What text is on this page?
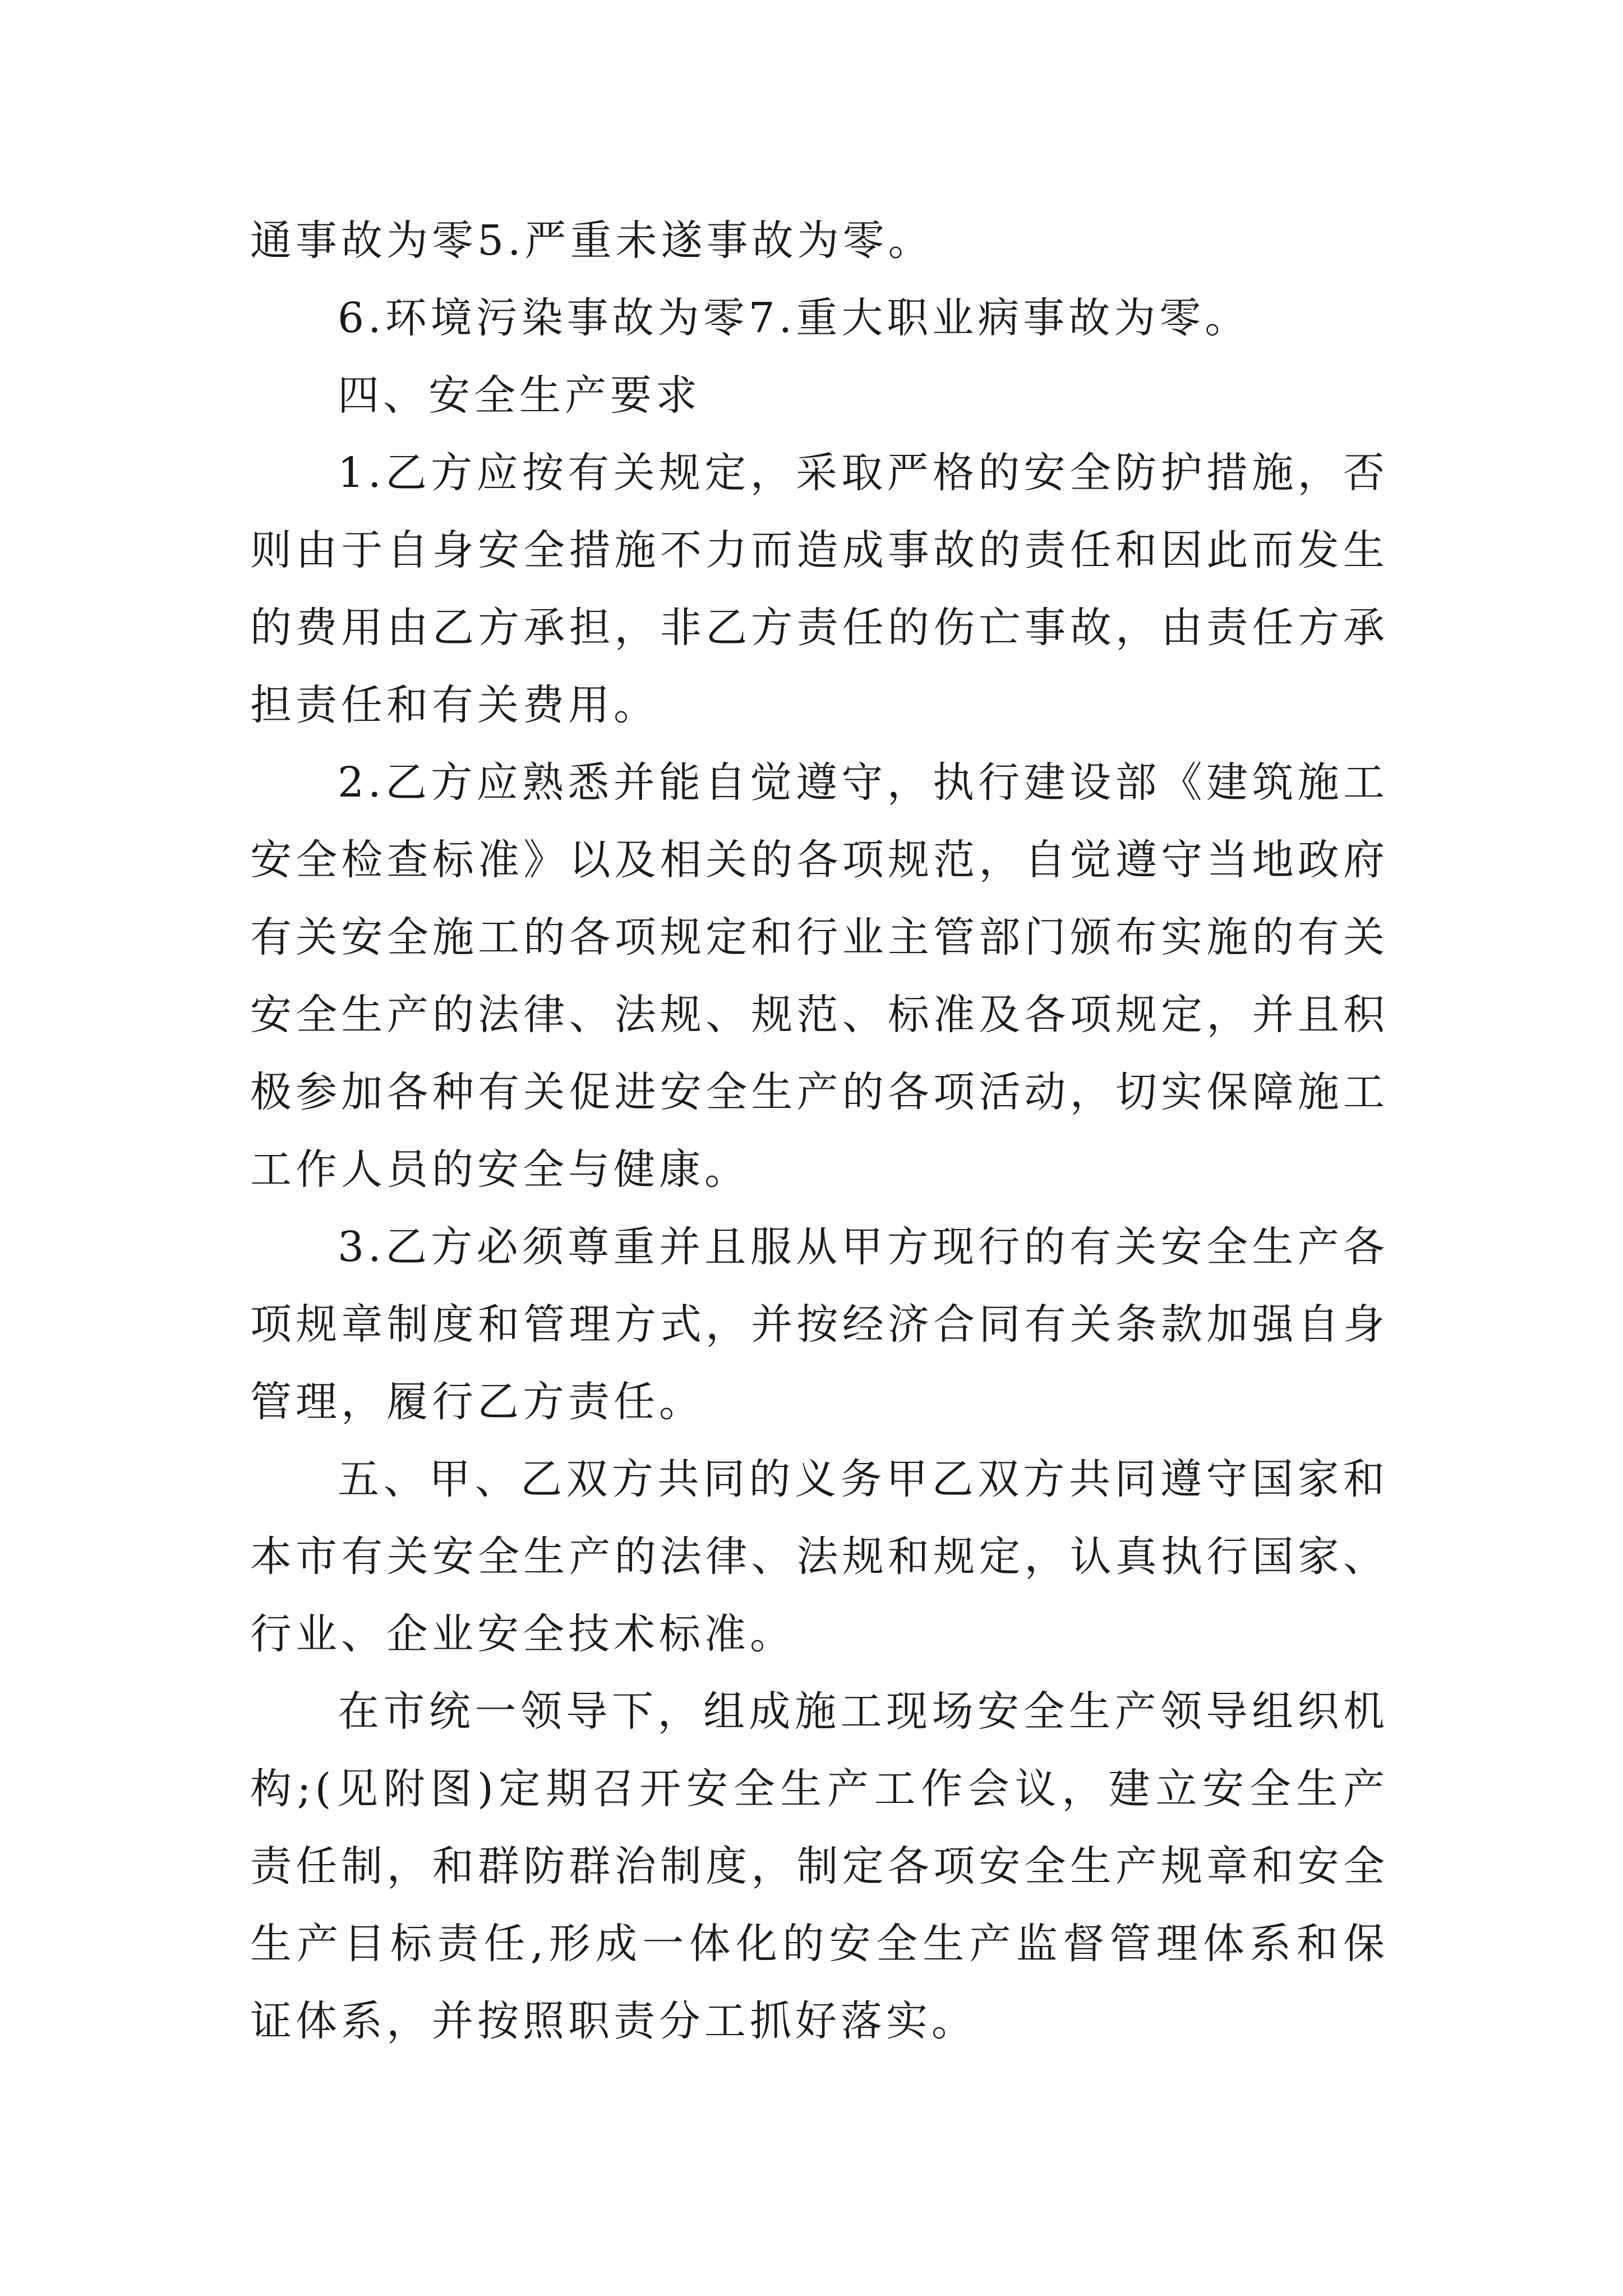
通事故为零5.严重未遂事故为零。

6.环境污染事故为零7.重大职业病事故为零。

四、安全生产要求

1.乙方应按有关规定，采取严格的安全防护措施，否则由于自身安全措施不力而造成事故的责任和因此而发生的费用由乙方承担，非乙方责任的伤亡事故，由责任方承担责任和有关费用。

2.乙方应熟悉并能自觉遵守，执行建设部《建筑施工安全检查标准》以及相关的各项规范，自觉遵守当地政府有关安全施工的各项规定和行业主管部门颁布实施的有关安全生产的法律、法规、规范、标准及各项规定，并且积极参加各种有关促进安全生产的各项活动，切实保障施工工作人员的安全与健康。

3.乙方必须尊重并且服从甲方现行的有关安全生产各项规章制度和管理方式，并按经济合同有关条款加强自身管理，履行乙方责任。

五、甲、乙双方共同的义务甲乙双方共同遵守国家和本市有关安全生产的法律、法规和规定，认真执行国家、行业、企业安全技术标准。

在市统一领导下，组成施工现场安全生产领导组织机构;(见附图)定期召开安全生产工作会议，建立安全生产责任制，和群防群治制度，制定各项安全生产规章和安全生产目标责任,形成一体化的安全生产监督管理体系和保证体系，并按照职责分工抓好落实。
